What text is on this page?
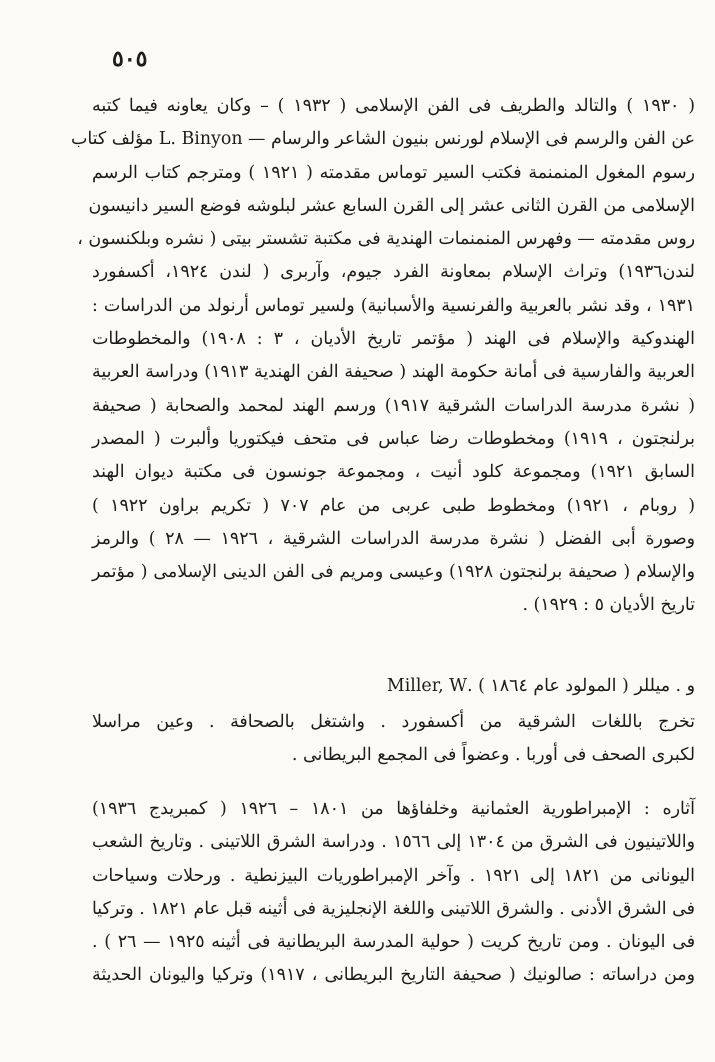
٥٠٥
( ١٩٣٠ ) والتالد والطريف فى الفن الإسلامى ( ١٩٣٢ ) – وكان يعاونه فيما كتبه
عن الفن والرسم فى الإسلام لورنس بنيون الشاعر والرسام — L. Binyon مؤلف كتاب
رسوم المغول المنمنمة فكتب السير توماس مقدمته ( ١٩٢١ ) ومترجم كتاب الرسم
الإسلامى من القرن الثانى عشر إلى القرن السابع عشر لبلوشه فوضع السير دانيسون
روس مقدمته — وفهرس المنمنمات الهندية فى مكتبة تشستر بيتى ( نشره وبلكنسون ،
لندن١٩٣٦) وتراث الإسلام بمعاونة الفرد جيوم، وآربرى ( لندن ١٩٢٤، أكسفورد
١٩٣١ ، وقد نشر بالعربية والفرنسية والأسبانية) ولسير توماس أرنولد من الدراسات :
الهندوكية والإسلام فى الهند ( مؤتمر تاريخ الأديان ، ٣ : ١٩٠٨) والمخطوطات
العربية والفارسية فى أمانة حكومة الهند ( صحيفة الفن الهندية ١٩١٣) ودراسة العربية
( نشرة مدرسة الدراسات الشرقية ١٩١٧) ورسم الهند لمحمد والصحابة ( صحيفة
برلنجتون ، ١٩١٩) ومخطوطات رضا عباس فى متحف فيكتوريا وألبرت ( المصدر
السابق ١٩٢١) ومجموعة كلود أنيت ، ومجموعة جونسون فى مكتبة ديوان الهند
( روبام ، ١٩٢١) ومخطوط طبى عربى من عام ٧٠٧ ( تكريم براون ١٩٢٢ )
وصورة أبى الفضل ( نشرة مدرسة الدراسات الشرقية ، ١٩٢٦ — ٢٨ ) والرمز
والإسلام ( صحيفة برلنجتون ١٩٢٨) وعيسى ومريم فى الفن الدينى الإسلامى ( مؤتمر
تاريخ الأديان ٥ : ١٩٢٩) .
و . ميللر ( المولود عام ١٨٦٤ ) .Miller, W
تخرج باللغات الشرقية من أكسفورد . واشتغل بالصحافة . وعين مراسلا
لكبرى الصحف فى أوربا . وعضواً فى المجمع البريطانى .
آثاره : الإمبراطورية العثمانية وخلفاؤها من ١٨٠١ – ١٩٢٦ ( كمبريدج ١٩٣٦)
واللاتينيون فى الشرق من ١٣٠٤ إلى ١٥٦٦ . ودراسة الشرق اللاتينى . وتاريخ الشعب
اليونانى من ١٨٢١ إلى ١٩٢١ . وآخر الإمبراطوريات البيزنطية . ورحلات وسياحات
فى الشرق الأدنى . والشرق اللاتينى واللغة الإنجليزية فى أثينه قبل عام ١٨٢١ . وتركيا
فى اليونان . ومن تاريخ كريت ( حولية المدرسة البريطانية فى أثينه ١٩٢٥ — ٢٦ ) .
ومن دراساته : صالونيك ( صحيفة التاريخ البريطانى ، ١٩١٧) وتركيا واليونان الحديثة
